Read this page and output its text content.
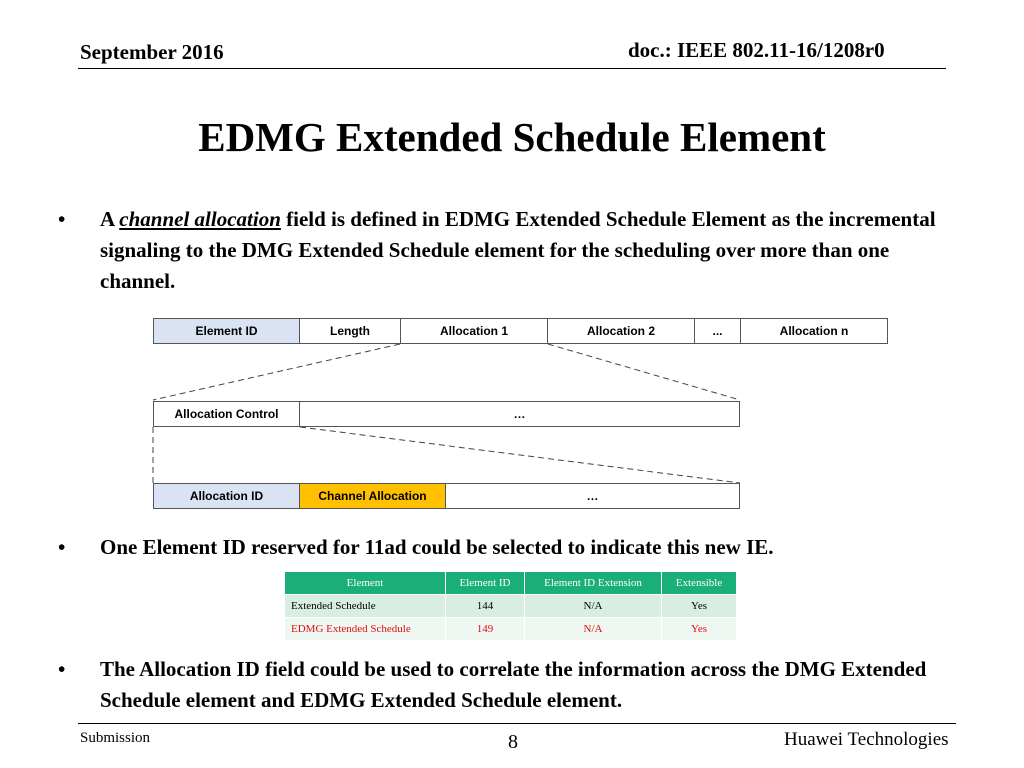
September 2016	doc.: IEEE 802.11-16/1208r0
EDMG Extended Schedule Element
• A channel allocation field is defined in EDMG Extended Schedule Element as the incremental signaling to the DMG Extended Schedule element for the scheduling over more than one channel.
Element ID	Length	Allocation 1	Allocation 2	...	Allocation n
Allocation Control	…
Allocation ID	Channel Allocation	…
• One Element ID reserved for 11ad could be selected to indicate this new IE.
Element	Element ID	Element ID Extension	Extensible
Extended Schedule	144	N/A	Yes
EDMG Extended Schedule	149	N/A	Yes
• The Allocation ID field could be used to correlate the information across the DMG Extended Schedule element and EDMG Extended Schedule element.
Submission	8	Huawei Technologies
